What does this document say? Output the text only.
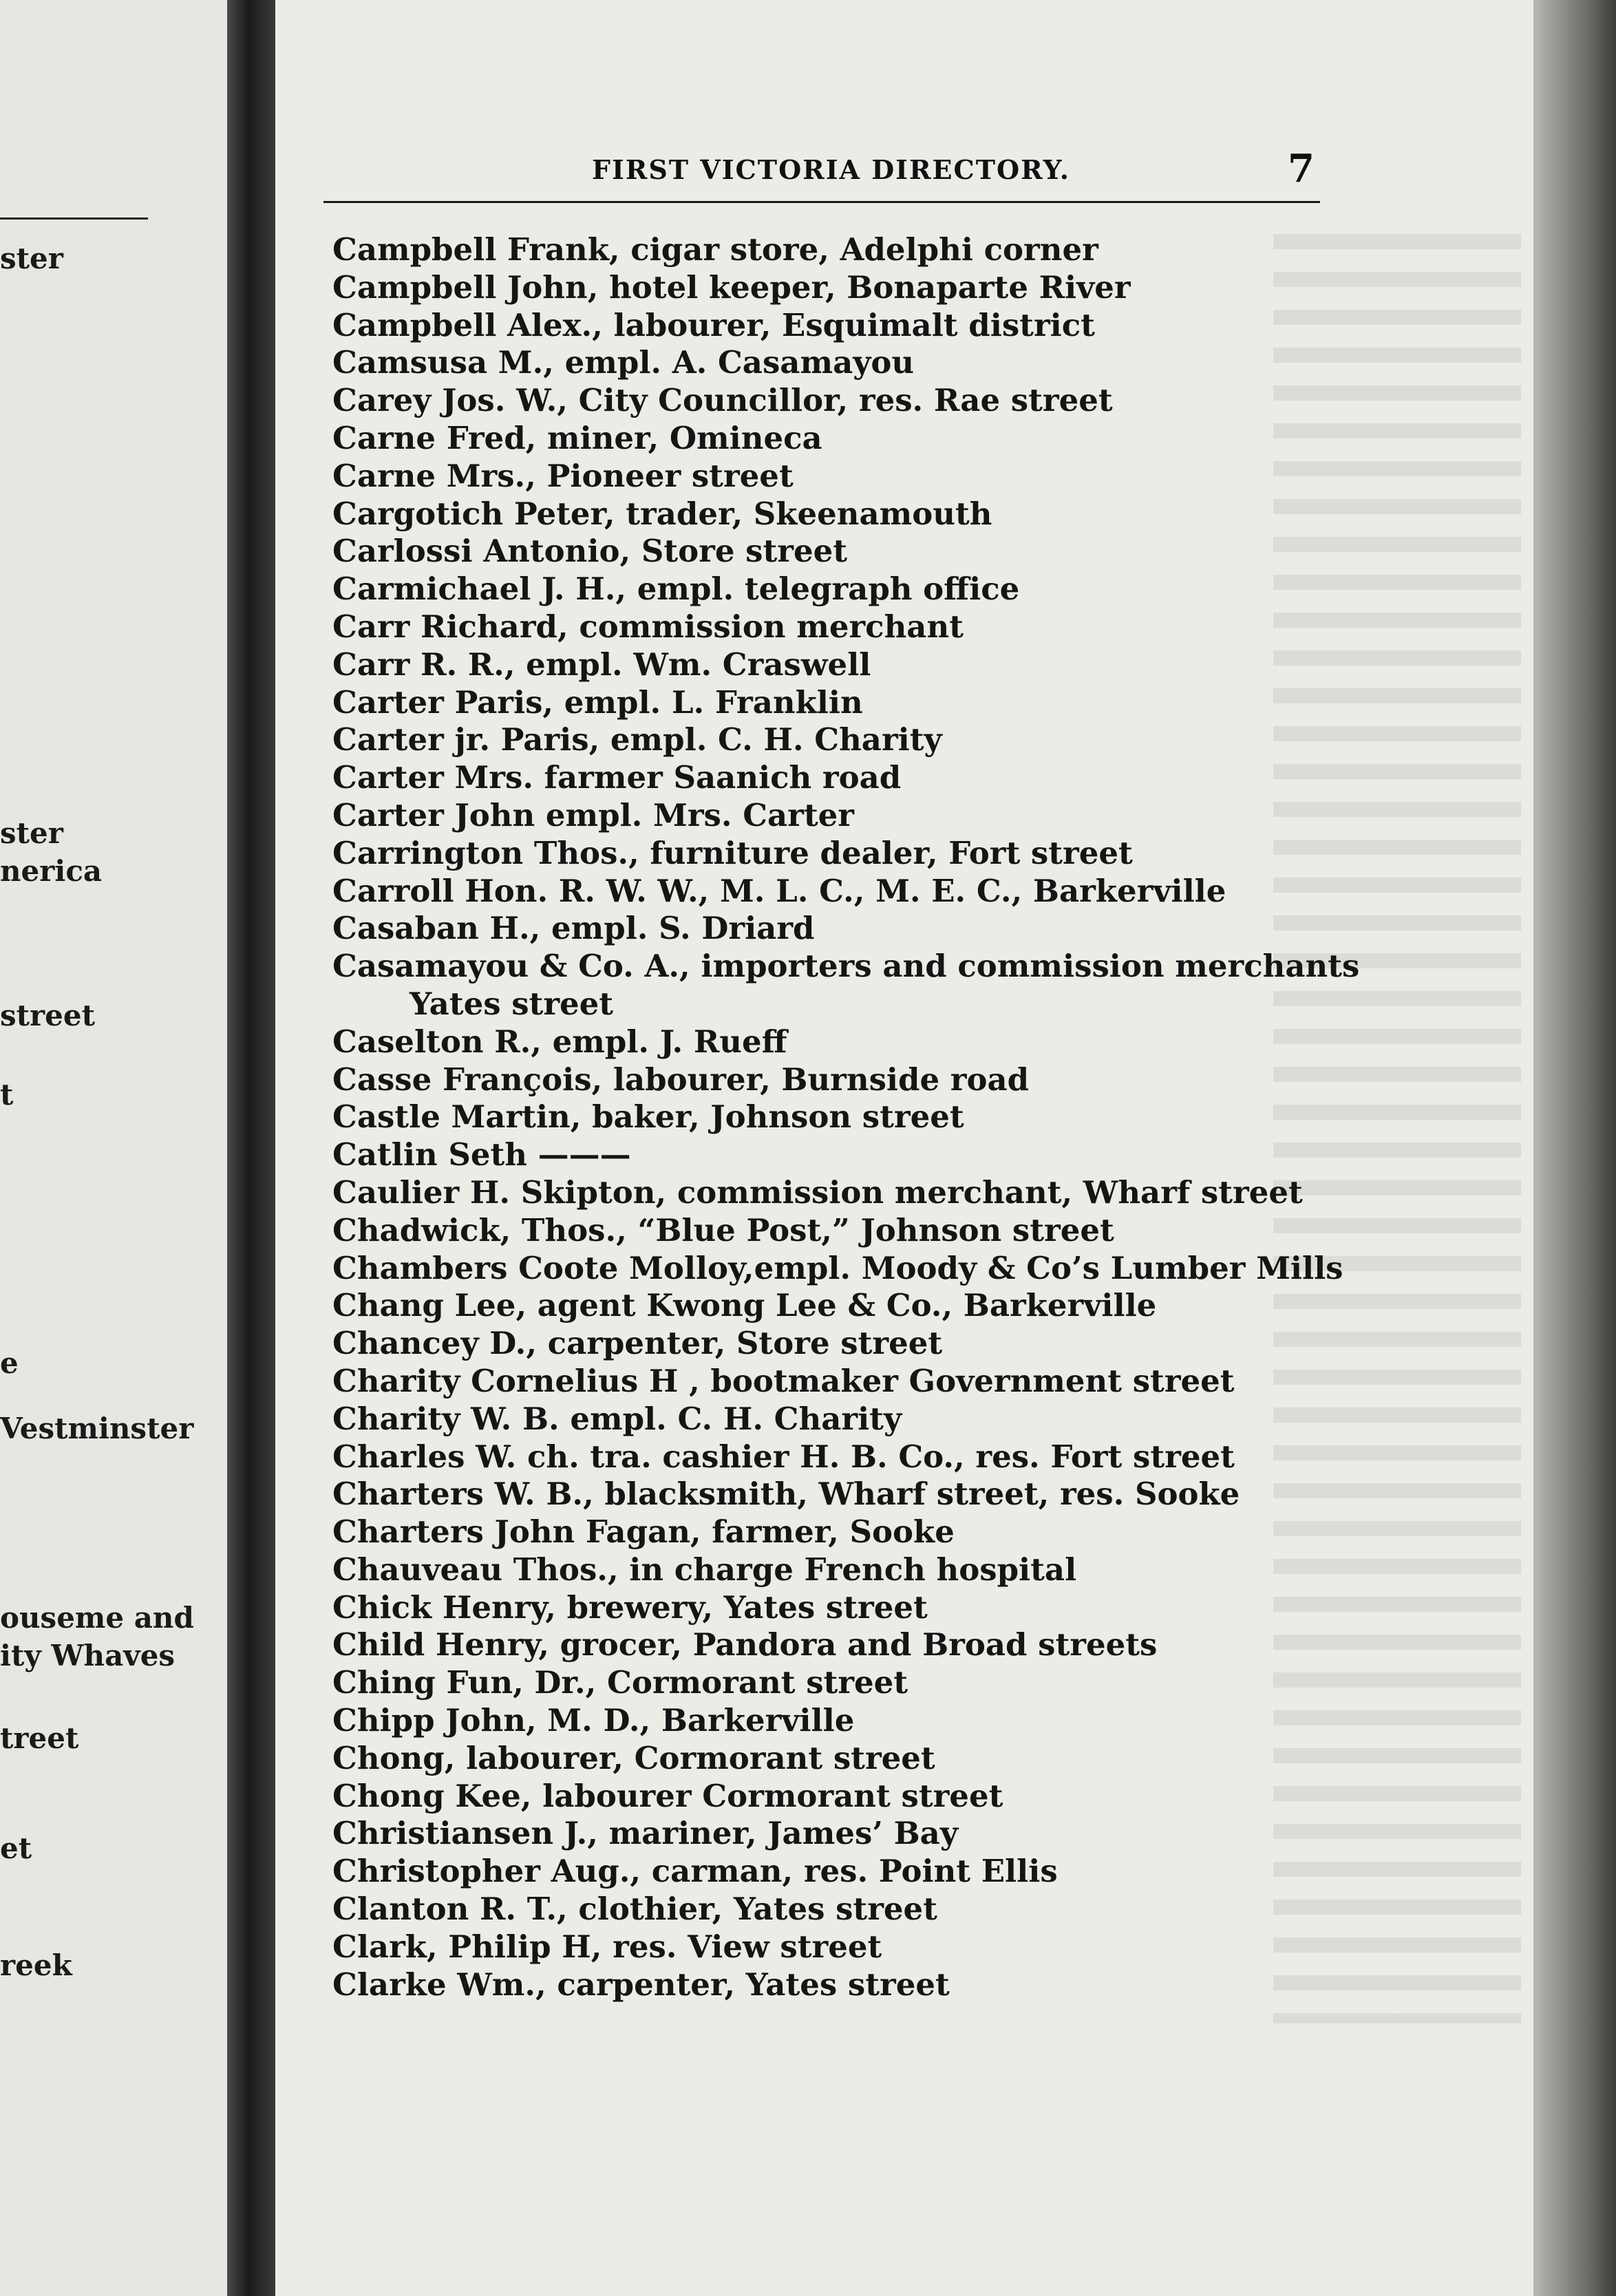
ster
ster
nerica
street
t
e
Vestminster
ouseme and
ity Whaves
treet
et
reek
FIRST VICTORIA DIRECTORY.	7
Campbell Frank, cigar store, Adelphi corner
Campbell John, hotel keeper, Bonaparte River
Campbell Alex., labourer, Esquimalt district
Camsusa M., empl. A. Casamayou
Carey Jos. W., City Councillor, res. Rae street
Carne Fred, miner, Omineca
Carne Mrs., Pioneer street
Cargotich Peter, trader, Skeenamouth
Carlossi Antonio, Store street
Carmichael J. H., empl. telegraph office
Carr Richard, commission merchant
Carr R. R., empl. Wm. Craswell
Carter Paris, empl. L. Franklin
Carter jr. Paris, empl. C. H. Charity
Carter Mrs. farmer Saanich road
Carter John empl. Mrs. Carter
Carrington Thos., furniture dealer, Fort street
Carroll Hon. R. W. W., M. L. C., M. E. C., Barkerville
Casaban H., empl. S. Driard
Casamayou & Co. A., importers and commission merchants
Yates street
Caselton R., empl. J. Rueff
Casse François, labourer, Burnside road
Castle Martin, baker, Johnson street
Catlin Seth ———
Caulier H. Skipton, commission merchant, Wharf street
Chadwick, Thos., “Blue Post,” Johnson street
Chambers Coote Molloy,empl. Moody & Co’s Lumber Mills
Chang Lee, agent Kwong Lee & Co., Barkerville
Chancey D., carpenter, Store street
Charity Cornelius H , bootmaker Government street
Charity W. B. empl. C. H. Charity
Charles W. ch. tra. cashier H. B. Co., res. Fort street
Charters W. B., blacksmith, Wharf street, res. Sooke
Charters John Fagan, farmer, Sooke
Chauveau Thos., in charge French hospital
Chick Henry, brewery, Yates street
Child Henry, grocer, Pandora and Broad streets
Ching Fun, Dr., Cormorant street
Chipp John, M. D., Barkerville
Chong, labourer, Cormorant street
Chong Kee, labourer Cormorant street
Christiansen J., mariner, James’ Bay
Christopher Aug., carman, res. Point Ellis
Clanton R. T., clothier, Yates street
Clark, Philip H, res. View street
Clarke Wm., carpenter, Yates street
